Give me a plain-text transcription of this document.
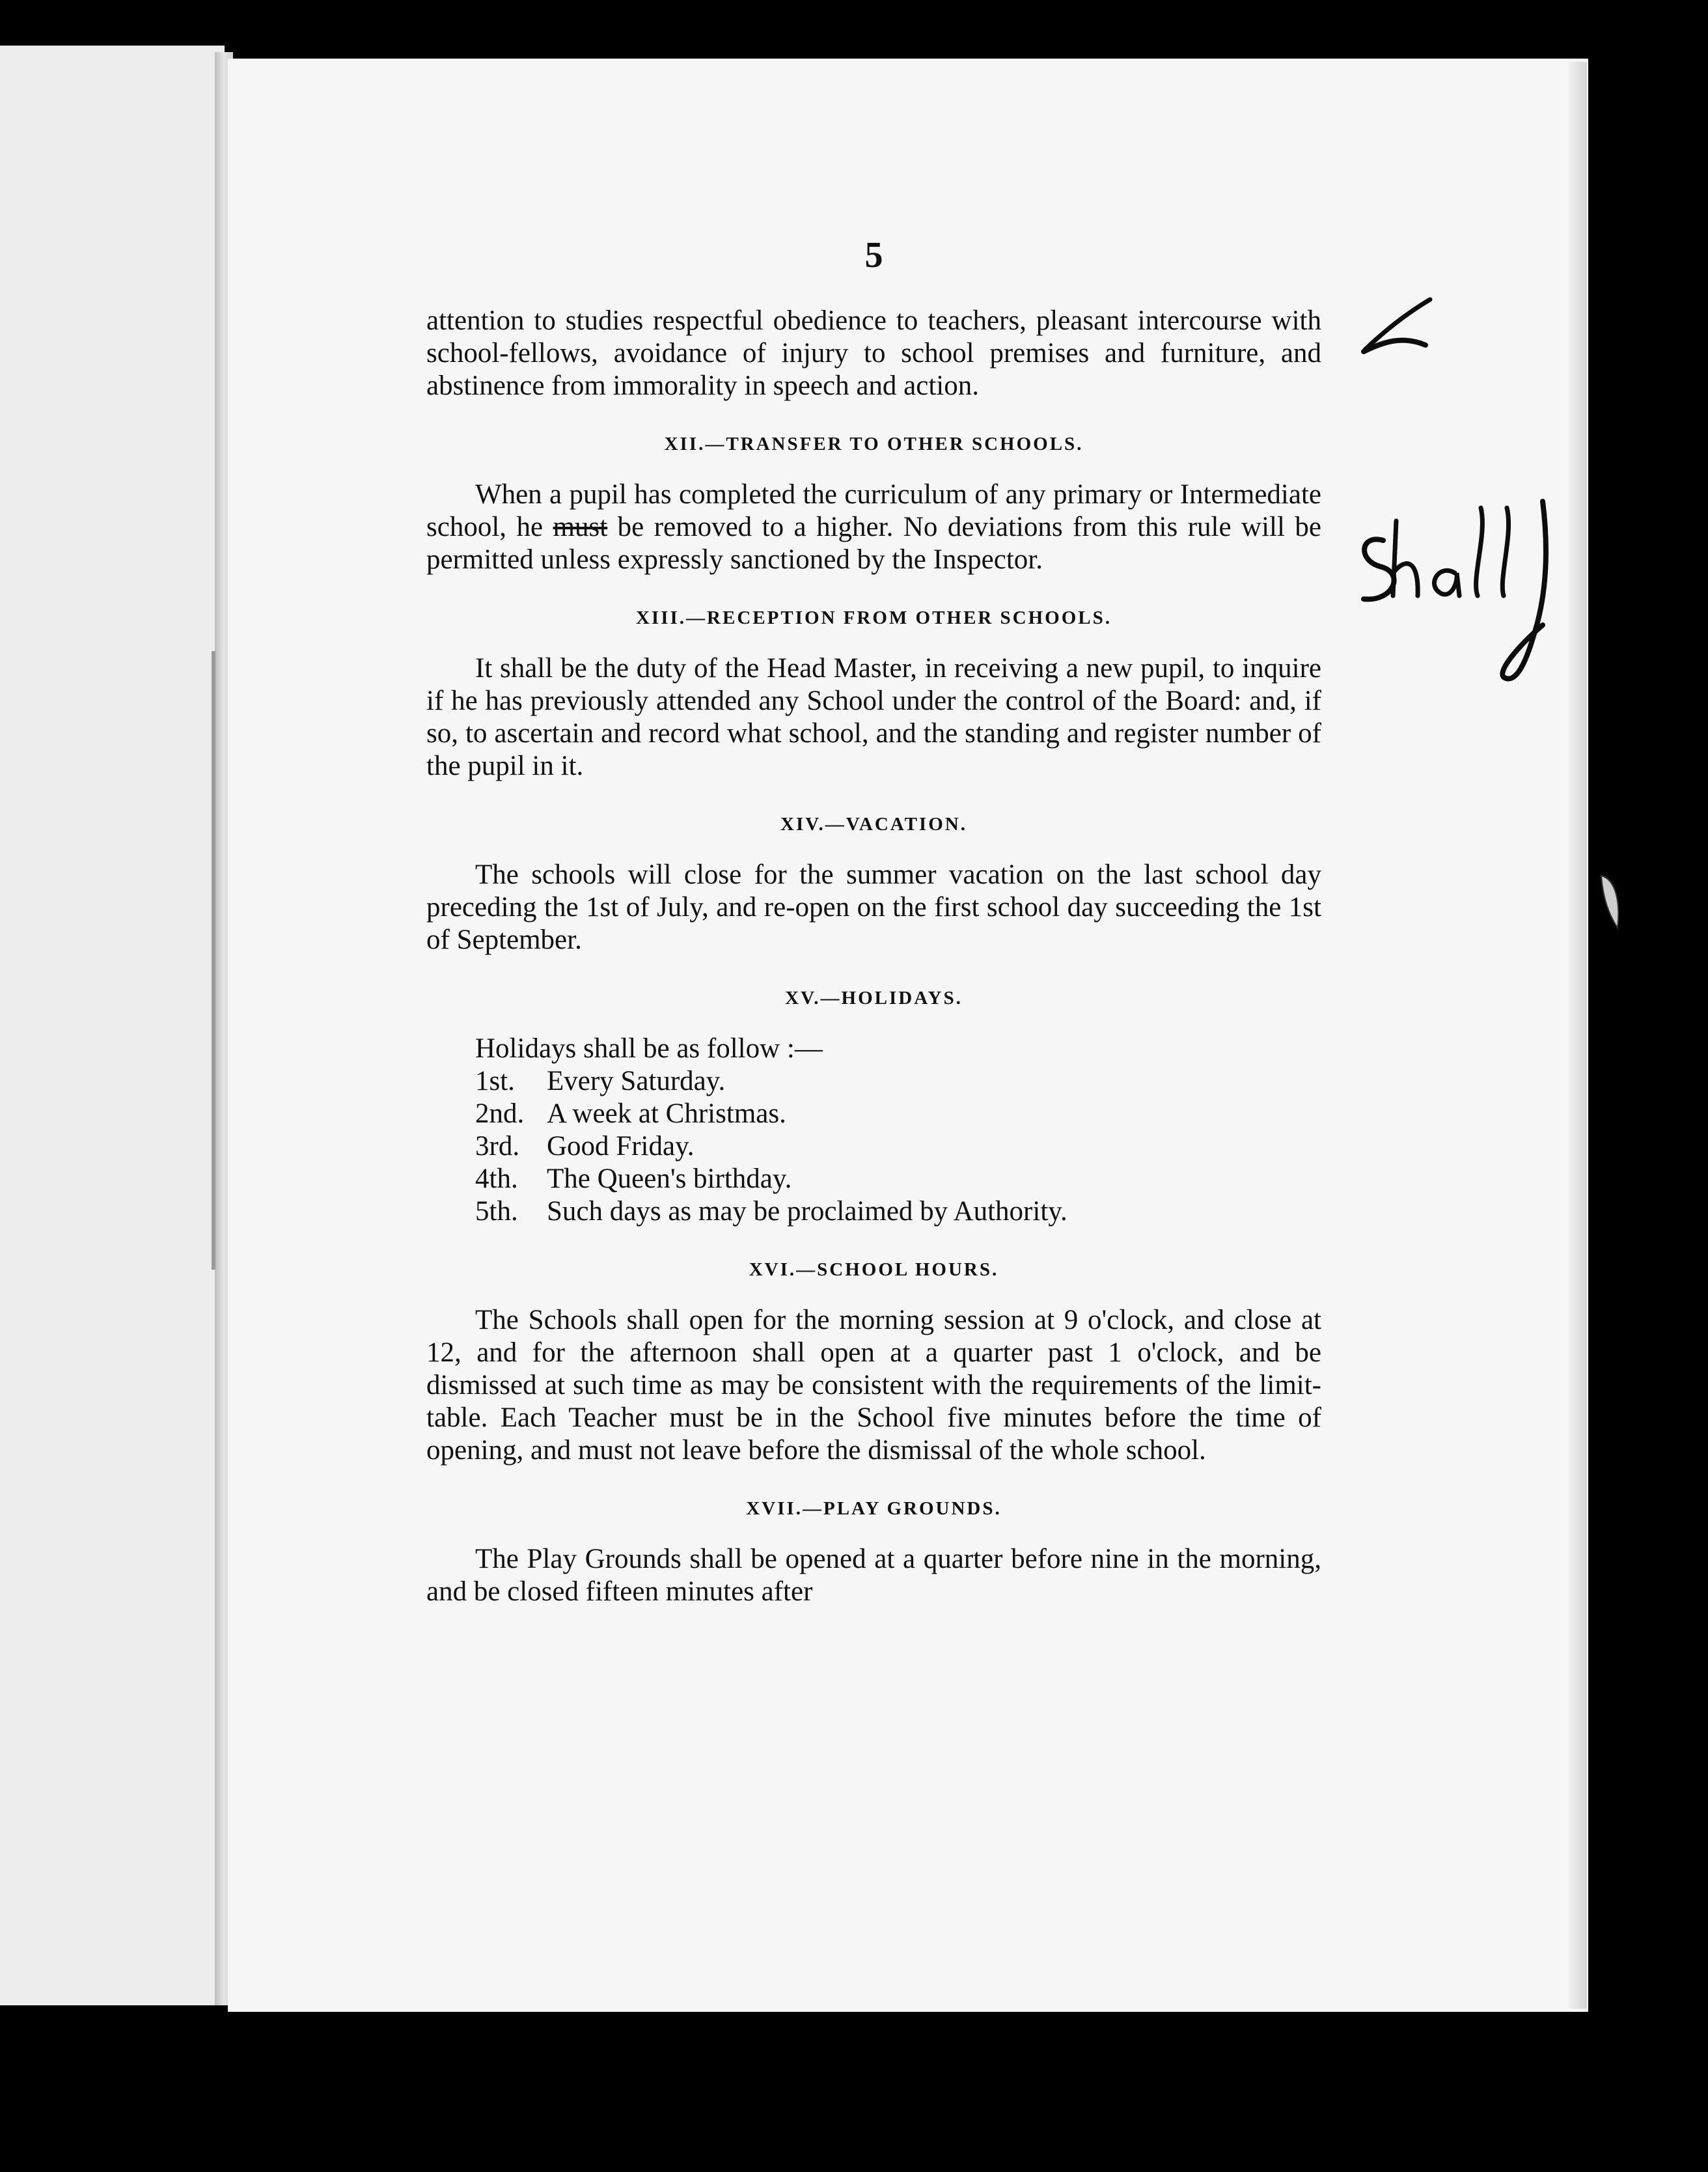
5

attention to studies respectful obedience to teachers, pleasant intercourse with school-fellows, avoidance of injury to school premises and furniture, and abstinence from immorality in speech and action.

XII.—TRANSFER TO OTHER SCHOOLS.

When a pupil has completed the curriculum of any primary or Intermediate school, he must be removed to a higher. No deviations from this rule will be permitted unless expressly sanctioned by the Inspector.

XIII.—RECEPTION FROM OTHER SCHOOLS.

It shall be the duty of the Head Master, in receiving a new pupil, to inquire if he has previously attended any School under the control of the Board: and, if so, to ascertain and record what school, and the standing and register number of the pupil in it.

XIV.—VACATION.

The schools will close for the summer vacation on the last school day preceding the 1st of July, and re-open on the first school day succeeding the 1st of September.

XV.—HOLIDAYS.

Holidays shall be as follow :—

1st. Every Saturday.
2nd. A week at Christmas.
3rd. Good Friday.
4th. The Queen's birthday.
5th. Such days as may be proclaimed by Authority.
XVI.—SCHOOL HOURS.

The Schools shall open for the morning session at 9 o'clock, and close at 12, and for the afternoon shall open at a quarter past 1 o'clock, and be dismissed at such time as may be consistent with the requirements of the limit-table. Each Teacher must be in the School five minutes before the time of opening, and must not leave before the dismissal of the whole school.

XVII.—PLAY GROUNDS.

The Play Grounds shall be opened at a quarter before nine in the morning, and be closed fifteen minutes after
